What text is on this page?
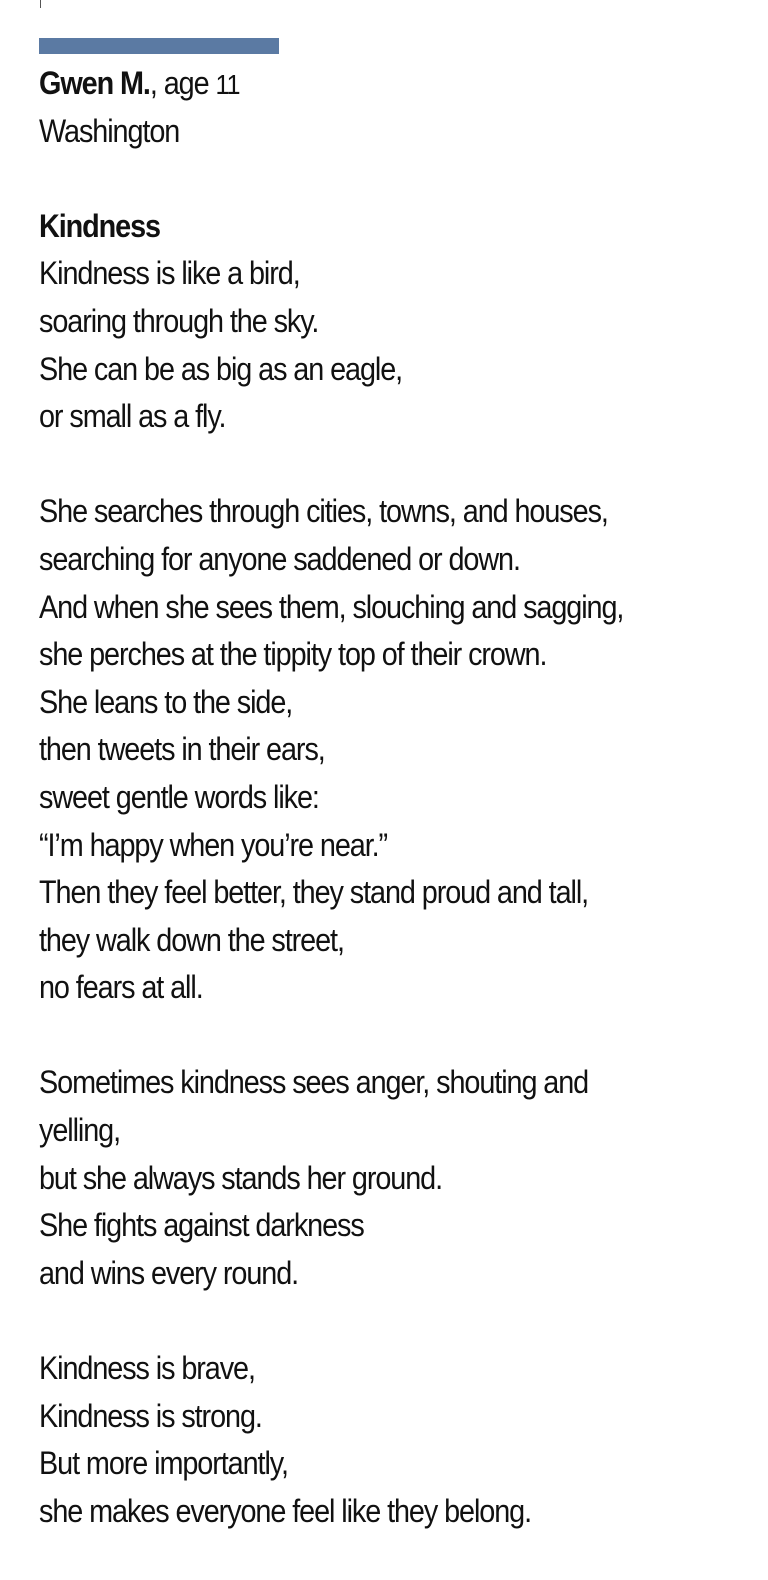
Gwen M., age 11
Washington
Kindness
Kindness is like a bird,
soaring through the sky.
She can be as big as an eagle,
or small as a fly.
She searches through cities, towns, and houses,
searching for anyone saddened or down.
And when she sees them, slouching and sagging,
she perches at the tippity top of their crown.
She leans to the side,
then tweets in their ears,
sweet gentle words like:
“I’m happy when you’re near.”
Then they feel better, they stand proud and tall,
they walk down the street,
no fears at all.
Sometimes kindness sees anger, shouting and
yelling,
but she always stands her ground.
She fights against darkness
and wins every round.
Kindness is brave,
Kindness is strong.
But more importantly,
she makes everyone feel like they belong.
